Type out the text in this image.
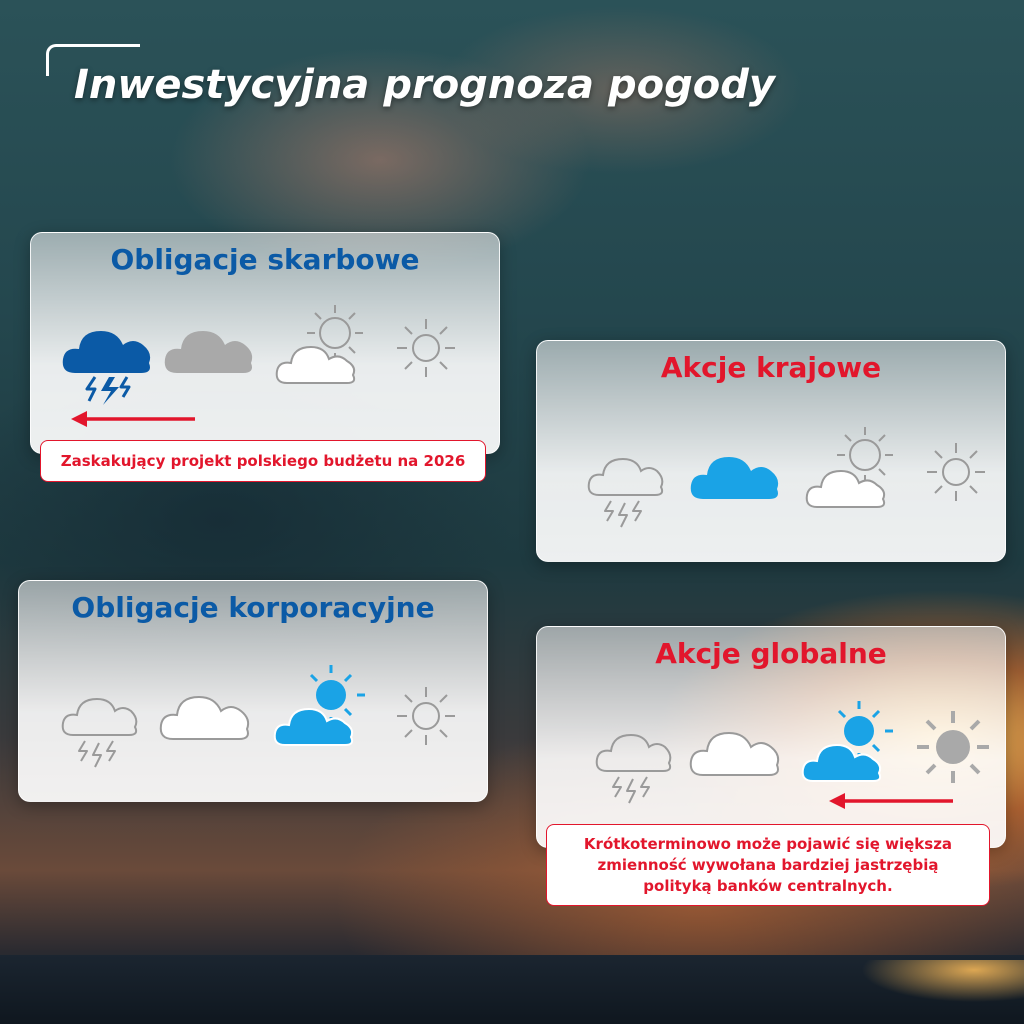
Inwestycyjna prognoza pogody
Obligacje skarbowe
Zaskakujący projekt polskiego budżetu na 2026
Akcje krajowe
Obligacje korporacyjne
Akcje globalne
Krótkoterminowo może pojawić się większa zmienność wywołana bardziej jastrzębią polityką banków centralnych.
